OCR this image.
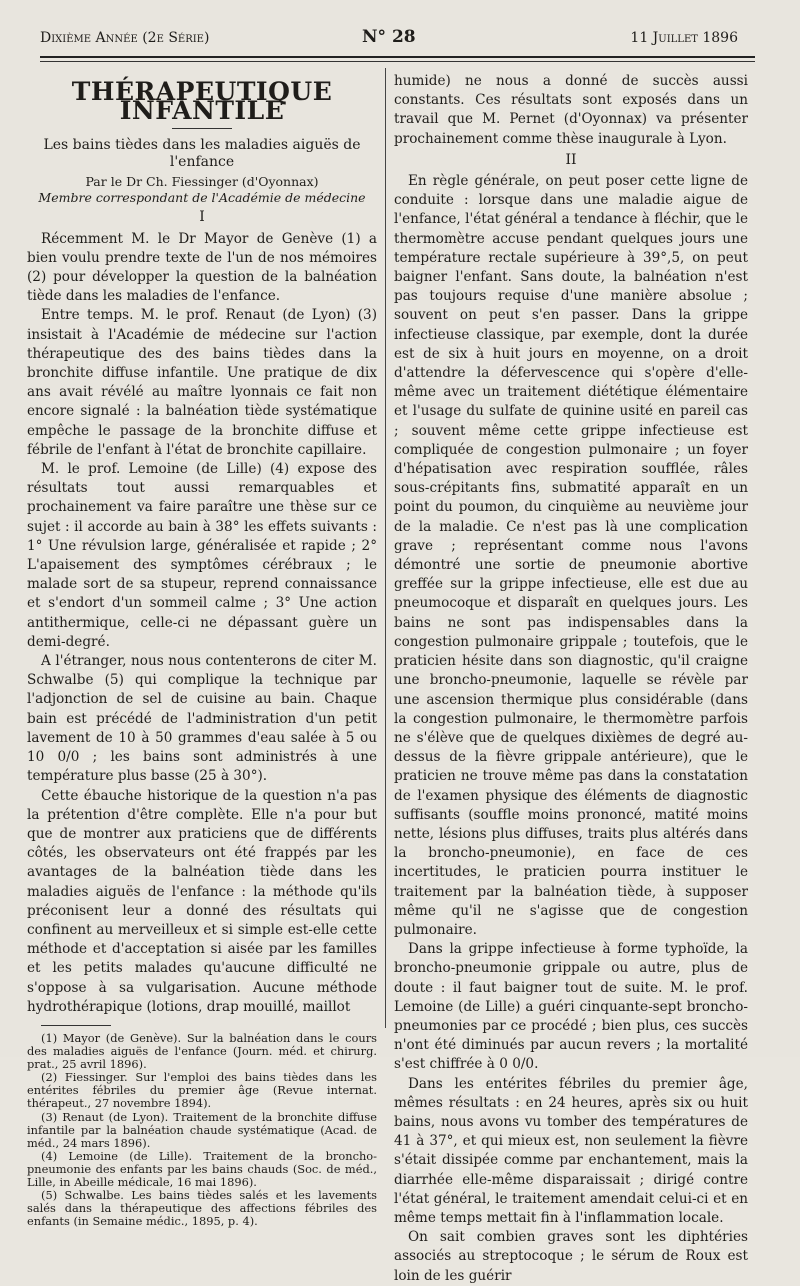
Dixième Année (2e Série)	N° 28	11 Juillet 1896
THÉRAPEUTIQUE INFANTILE
Les bains tièdes dans les maladies aiguës de l'enfance
Par le Dr Ch. Fiessinger (d'Oyonnax)
Membre correspondant de l'Académie de médecine
I

Récemment M. le Dr Mayor de Genève (1) a bien voulu prendre texte de l'un de nos mémoires (2) pour développer la question de la balnéation tiède dans les maladies de l'enfance.

Entre temps. M. le prof. Renaut (de Lyon) (3) insistait à l'Académie de médecine sur l'action thérapeutique des des bains tièdes dans la bronchite diffuse infantile. Une pratique de dix ans avait révélé au maître lyonnais ce fait non encore signalé : la balnéation tiède systématique empêche le passage de la bronchite diffuse et fébrile de l'enfant à l'état de bronchite capillaire.

M. le prof. Lemoine (de Lille) (4) expose des résultats tout aussi remarquables et prochainement va faire paraître une thèse sur ce sujet : il accorde au bain à 38° les effets suivants : 1° Une révulsion large, généralisée et rapide ; 2° L'apaisement des symptômes cérébraux ; le malade sort de sa stupeur, reprend connaissance et s'endort d'un sommeil calme ; 3° Une action antithermique, celle-ci ne dépassant guère un demi-degré.

A l'étranger, nous nous contenterons de citer M. Schwalbe (5) qui complique la technique par l'adjonction de sel de cuisine au bain. Chaque bain est précédé de l'administration d'un petit lavement de 10 à 50 grammes d'eau salée à 5 ou 10 0/0 ; les bains sont administrés à une température plus basse (25 à 30°).

Cette ébauche historique de la question n'a pas la prétention d'être complète. Elle n'a pour but que de montrer aux praticiens que de différents côtés, les observateurs ont été frappés par les avantages de la balnéation tiède dans les maladies aiguës de l'enfance : la méthode qu'ils préconisent leur a donné des résultats qui confinent au merveilleux et si simple est-elle cette méthode et d'acceptation si aisée par les familles et les petits malades qu'aucune difficulté ne s'oppose à sa vulgarisation. Aucune méthode hydrothérapique (lotions, drap mouillé, maillot

(1) Mayor (de Genève). Sur la balnéation dans le cours des maladies aiguës de l'enfance (Journ. méd. et chirurg. prat., 25 avril 1896).

(2) Fiessinger. Sur l'emploi des bains tièdes dans les entérites fébriles du premier âge (Revue internat. thérapeut., 27 novembre 1894).

(3) Renaut (de Lyon). Traitement de la bronchite diffuse infantile par la balnéation chaude systématique (Acad. de méd., 24 mars 1896).

(4) Lemoine (de Lille). Traitement de la broncho-pneumonie des enfants par les bains chauds (Soc. de méd., Lille, in Abeille médicale, 16 mai 1896).

(5) Schwalbe. Les bains tièdes salés et les lavements salés dans la thérapeutique des affections fébriles des enfants (in Semaine médic., 1895, p. 4).

humide) ne nous a donné de succès aussi constants. Ces résultats sont exposés dans un travail que M. Pernet (d'Oyonnax) va présenter prochainement comme thèse inaugurale à Lyon.

II

En règle générale, on peut poser cette ligne de conduite : lorsque dans une maladie aigue de l'enfance, l'état général a tendance à fléchir, que le thermomètre accuse pendant quelques jours une température rectale supérieure à 39°,5, on peut baigner l'enfant. Sans doute, la balnéation n'est pas toujours requise d'une manière absolue ; souvent on peut s'en passer. Dans la grippe infectieuse classique, par exemple, dont la durée est de six à huit jours en moyenne, on a droit d'attendre la défervescence qui s'opère d'elle-même avec un traitement diététique élémentaire et l'usage du sulfate de quinine usité en pareil cas ; souvent même cette grippe infectieuse est compliquée de congestion pulmonaire ; un foyer d'hépatisation avec respiration soufflée, râles sous-crépitants fins, submatité apparaît en un point du poumon, du cinquième au neuvième jour de la maladie. Ce n'est pas là une complication grave ; représentant comme nous l'avons démontré une sortie de pneumonie abortive greffée sur la grippe infectieuse, elle est due au pneumocoque et disparaît en quelques jours. Les bains ne sont pas indispensables dans la congestion pulmonaire grippale ; toutefois, que le praticien hésite dans son diagnostic, qu'il craigne une broncho-pneumonie, laquelle se révèle par une ascension thermique plus considérable (dans la congestion pulmonaire, le thermomètre parfois ne s'élève que de quelques dixièmes de degré au-dessus de la fièvre grippale antérieure), que le praticien ne trouve même pas dans la constatation de l'examen physique des éléments de diagnostic suffisants (souffle moins prononcé, matité moins nette, lésions plus diffuses, traits plus altérés dans la broncho-pneumonie), en face de ces incertitudes, le praticien pourra instituer le traitement par la balnéation tiède, à supposer même qu'il ne s'agisse que de congestion pulmonaire.

Dans la grippe infectieuse à forme typhoïde, la broncho-pneumonie grippale ou autre, plus de doute : il faut baigner tout de suite. M. le prof. Lemoine (de Lille) a guéri cinquante-sept broncho-pneumonies par ce procédé ; bien plus, ces succès n'ont été diminués par aucun revers ; la mortalité s'est chiffrée à 0 0/0.

Dans les entérites fébriles du premier âge, mêmes résultats : en 24 heures, après six ou huit bains, nous avons vu tomber des températures de 41 à 37°, et qui mieux est, non seulement la fièvre s'était dissipée comme par enchantement, mais la diarrhée elle-même disparaissait ; dirigé contre l'état général, le traitement amendait celui-ci et en même temps mettait fin à l'inflammation locale.

On sait combien graves sont les diphtéries associés au streptocoque ; le sérum de Roux est loin de les guérir
